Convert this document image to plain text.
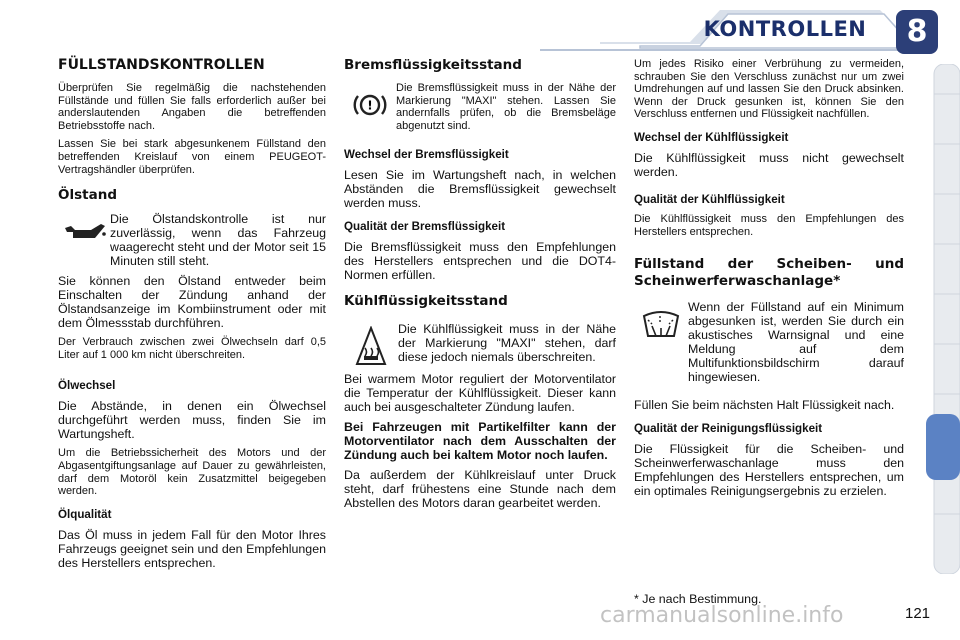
KONTROLLEN 8
FÜLLSTANDSKONTROLLEN

Überprüfen Sie regelmäßig die nachstehenden Füllstände und füllen Sie falls erforderlich außer bei anderslautenden Angaben die betreffenden Betriebsstoffe nach.

Lassen Sie bei stark abgesunkenem Füllstand den betreffenden Kreislauf von einem PEUGEOT-Vertragshändler überprüfen.

Ölstand

Die Ölstandskontrolle ist nur zuverlässig, wenn das Fahrzeug waagerecht steht und der Motor seit 15 Minuten still steht.

Sie können den Ölstand entweder beim Einschalten der Zündung anhand der Ölstandsanzeige im Kombiinstrument oder mit dem Ölmessstab durchführen.

Der Verbrauch zwischen zwei Ölwechseln darf 0,5 Liter auf 1 000 km nicht überschreiten.

Ölwechsel

Die Abstände, in denen ein Ölwechsel durchgeführt werden muss, finden Sie im Wartungsheft.

Um die Betriebssicherheit des Motors und der Abgasentgiftungsanlage auf Dauer zu gewährleisten, darf dem Motoröl kein Zusatzmittel beigegeben werden.

Ölqualität

Das Öl muss in jedem Fall für den Motor Ihres Fahrzeugs geeignet sein und den Empfehlungen des Herstellers entsprechen.

Bremsflüssigkeitsstand
!

Die Bremsflüssigkeit muss in der Nähe der Markierung "MAXI" stehen. Lassen Sie andernfalls prüfen, ob die Bremsbeläge abgenutzt sind.

Wechsel der Bremsflüssigkeit

Lesen Sie im Wartungsheft nach, in welchen Abständen die Bremsflüssigkeit gewechselt werden muss.

Qualität der Bremsflüssigkeit

Die Bremsflüssigkeit muss den Empfehlungen des Herstellers entsprechen und die DOT4-Normen erfüllen.

Kühlflüssigkeitsstand

Die Kühlflüssigkeit muss in der Nähe der Markierung "MAXI" stehen, darf diese jedoch niemals überschreiten.

Bei warmem Motor reguliert der Motorventilator die Temperatur der Kühlflüssigkeit. Dieser kann auch bei ausgeschalteter Zündung laufen.

Bei Fahrzeugen mit Partikelfilter kann der Motorventilator nach dem Ausschalten der Zündung auch bei kaltem Motor noch laufen.

Da außerdem der Kühlkreislauf unter Druck steht, darf frühestens eine Stunde nach dem Abstellen des Motors daran gearbeitet werden.

Um jedes Risiko einer Verbrühung zu vermeiden, schrauben Sie den Verschluss zunächst nur um zwei Umdrehungen auf und lassen Sie den Druck absinken. Wenn der Druck gesunken ist, können Sie den Verschluss entfernen und Flüssigkeit nachfüllen.

Wechsel der Kühlflüssigkeit

Die Kühlflüssigkeit muss nicht gewechselt werden.

Qualität der Kühlflüssigkeit

Die Kühlflüssigkeit muss den Empfehlungen des Herstellers entsprechen.

Füllstand der Scheiben- und Scheinwerferwaschanlage*

Wenn der Füllstand auf ein Minimum abgesunken ist, werden Sie durch ein akustisches Warnsignal und eine Meldung auf dem Multifunktionsbildschirm darauf hingewiesen.

Füllen Sie beim nächsten Halt Flüssigkeit nach.

Qualität der Reinigungsflüssigkeit

Die Flüssigkeit für die Scheiben- und Scheinwerferwaschanlage muss den Empfehlungen des Herstellers entsprechen, um ein optimales Reinigungsergebnis zu erzielen.

* Je nach Bestimmung.
carmanualsonline.info	121
